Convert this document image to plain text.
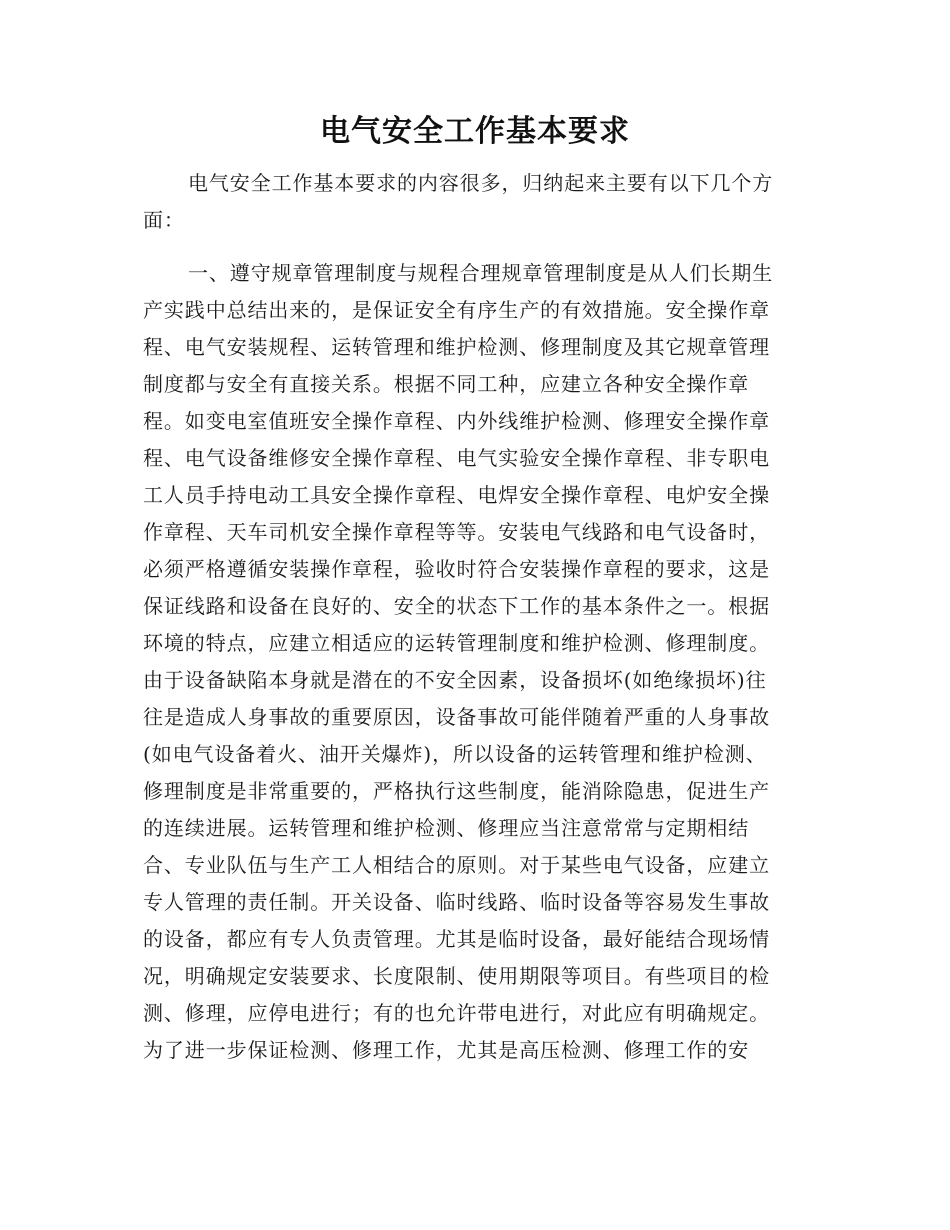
电气安全工作基本要求

电气安全工作基本要求的内容很多，归纳起来主要有以下几个方

面：

一、遵守规章管理制度与规程合理规章管理制度是从人们长期生

产实践中总结出来的，是保证安全有序生产的有效措施。安全操作章

程、电气安装规程、运转管理和维护检测、修理制度及其它规章管理

制度都与安全有直接关系。根据不同工种，应建立各种安全操作章

程。如变电室值班安全操作章程、内外线维护检测、修理安全操作章

程、电气设备维修安全操作章程、电气实验安全操作章程、非专职电

工人员手持电动工具安全操作章程、电焊安全操作章程、电炉安全操

作章程、天车司机安全操作章程等等。安装电气线路和电气设备时，

必须严格遵循安装操作章程，验收时符合安装操作章程的要求，这是

保证线路和设备在良好的、安全的状态下工作的基本条件之一。根据

环境的特点，应建立相适应的运转管理制度和维护检测、修理制度。

由于设备缺陷本身就是潜在的不安全因素，设备损坏(如绝缘损坏)往

往是造成人身事故的重要原因，设备事故可能伴随着严重的人身事故

(如电气设备着火、油开关爆炸)，所以设备的运转管理和维护检测、

修理制度是非常重要的，严格执行这些制度，能消除隐患，促进生产

的连续进展。运转管理和维护检测、修理应当注意常常与定期相结

合、专业队伍与生产工人相结合的原则。对于某些电气设备，应建立

专人管理的责任制。开关设备、临时线路、临时设备等容易发生事故

的设备，都应有专人负责管理。尤其是临时设备，最好能结合现场情

况，明确规定安装要求、长度限制、使用期限等项目。有些项目的检

测、修理，应停电进行；有的也允许带电进行，对此应有明确规定。

为了进一步保证检测、修理工作，尤其是高压检测、修理工作的安
